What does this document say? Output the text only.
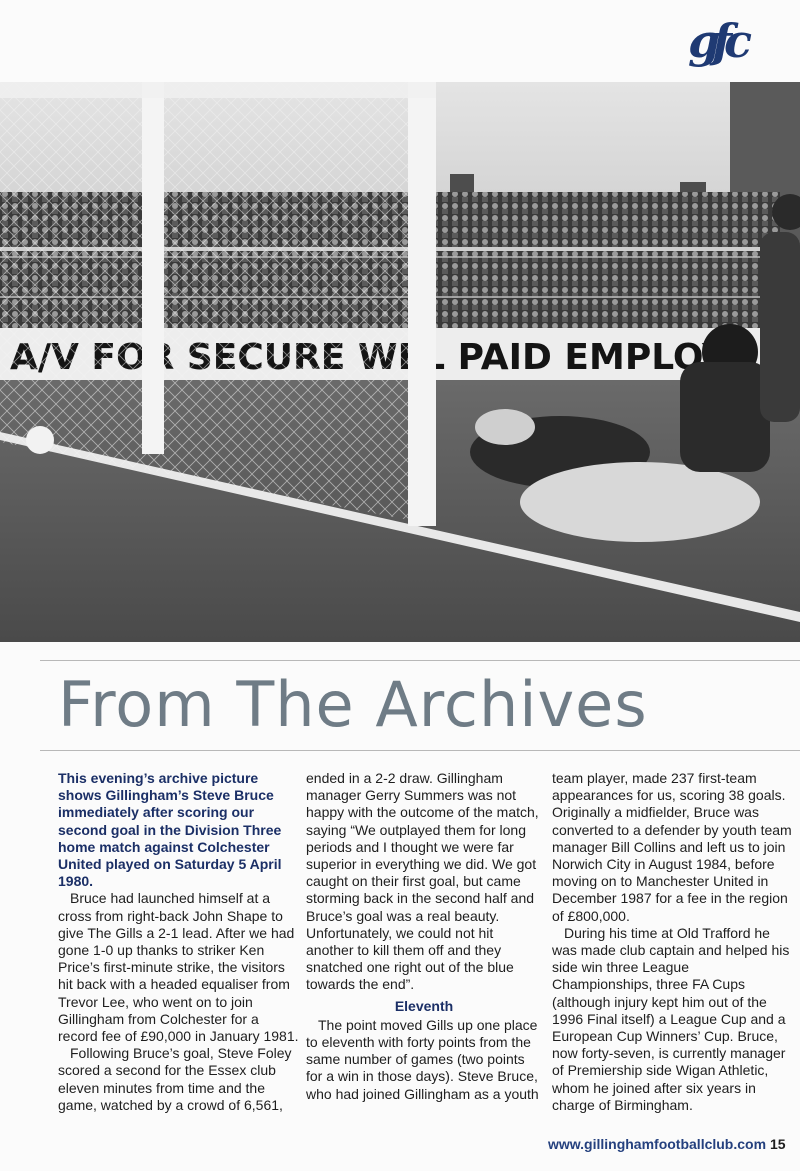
gfc
PAID EMPLOY
From The Archives

This evening’s archive picture shows Gillingham’s Steve Bruce immediately after scoring our second goal in the Division Three home match against Colchester United played on Saturday 5 April 1980.

Bruce had launched himself at a cross from right-back John Shape to give The Gills a 2-1 lead. After we had gone 1-0 up thanks to striker Ken Price’s first-minute strike, the visitors hit back with a headed equaliser from Trevor Lee, who went on to join Gillingham from Colchester for a record fee of £90,000 in January 1981.

Following Bruce’s goal, Steve Foley scored a second for the Essex club eleven minutes from time and the game, watched by a crowd of 6,561,

ended in a 2-2 draw. Gillingham manager Gerry Summers was not happy with the outcome of the match, saying “We outplayed them for long periods and I thought we were far superior in everything we did. We got caught on their first goal, but came storming back in the second half and Bruce’s goal was a real beauty. Unfortunately, we could not hit another to kill them off and they snatched one right out of the blue towards the end”.

Eleventh

The point moved Gills up one place to eleventh with forty points from the same number of games (two points for a win in those days). Steve Bruce, who had joined Gillingham as a youth

team player, made 237 first-team appearances for us, scoring 38 goals. Originally a midfielder, Bruce was converted to a defender by youth team manager Bill Collins and left us to join Norwich City in August 1984, before moving on to Manchester United in December 1987 for a fee in the region of £800,000.

During his time at Old Trafford he was made club captain and helped his side win three League Championships, three FA Cups (although injury kept him out of the 1996 Final itself) a League Cup and a European Cup Winners’ Cup. Bruce, now forty-seven, is currently manager of Premiership side Wigan Athletic, whom he joined after six years in charge of Birmingham.

www.gillinghamfootballclub.com 15
